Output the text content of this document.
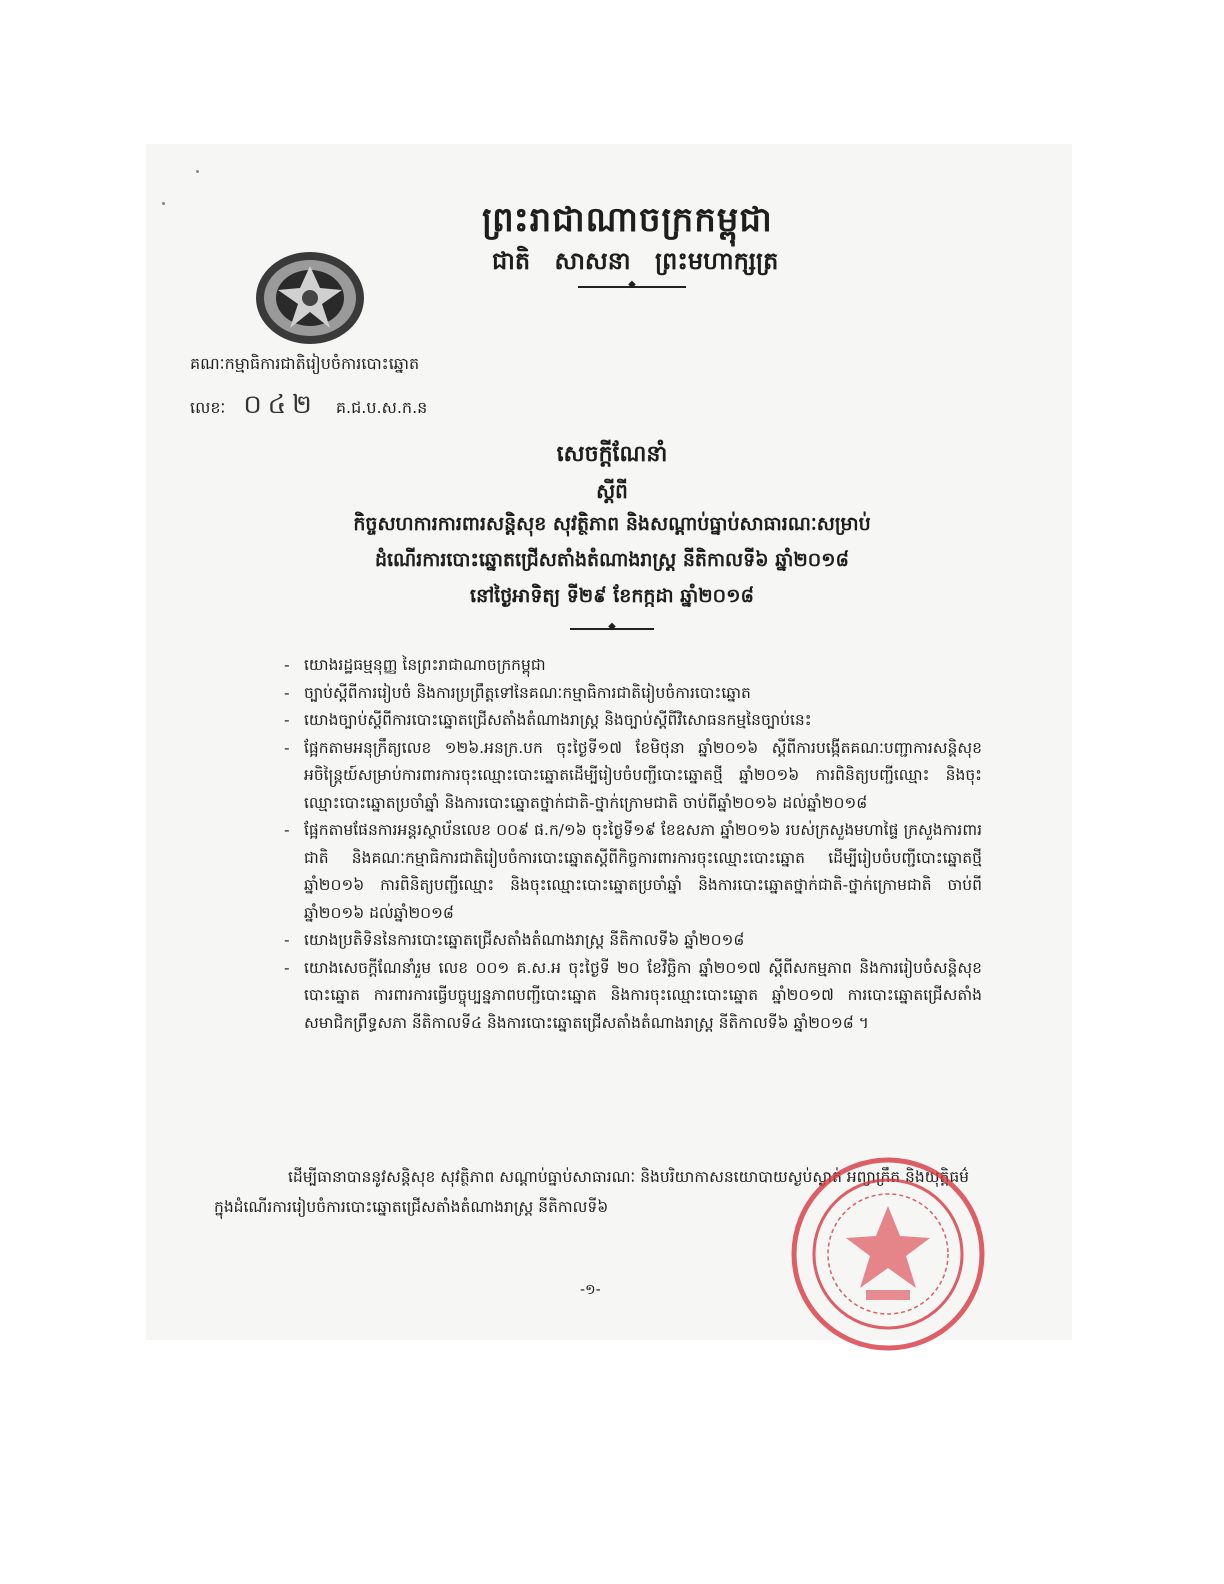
ព្រះរាជាណាចក្រកម្ពុជា
ជាតិ សាសនា ព្រះមហាក្សត្រ
◆
គណៈកម្មាធិការជាតិរៀបចំការបោះឆ្នោត
លេខៈ ០៤២ គ.ជ.ប.ស.ក.ន
សេចក្តីណែនាំ
ស្តីពី
កិច្ចសហការការពារសន្តិសុខ សុវត្ថិភាព និងសណ្តាប់ធ្នាប់សាធារណៈសម្រាប់
ដំណើរការបោះឆ្នោតជ្រើសតាំងតំណាងរាស្ត្រ នីតិកាលទី៦ ឆ្នាំ២០១៨
នៅថ្ងៃអាទិត្យ ទី២៩ ខែកក្កដា ឆ្នាំ២០១៨
◆
- យោងរដ្ឋធម្មនុញ្ញ នៃព្រះរាជាណាចក្រកម្ពុជា
- ច្បាប់ស្តីពីការរៀបចំ និងការប្រព្រឹត្តទៅនៃគណៈកម្មាធិការជាតិរៀបចំការបោះឆ្នោត
- យោងច្បាប់ស្តីពីការបោះឆ្នោតជ្រើសតាំងតំណាងរាស្ត្រ និងច្បាប់ស្តីពីវិសោធនកម្មនៃច្បាប់នេះ
- ផ្អែកតាមអនុក្រឹត្យលេខ ១២៦.អនក្រ.បក ចុះថ្ងៃទី១៧ ខែមិថុនា ឆ្នាំ២០១៦ ស្តីពីការបង្កើតគណៈបញ្ជាការសន្តិសុខអចិន្ត្រៃយ៍សម្រាប់ការពារការចុះឈ្មោះបោះឆ្នោតដើម្បីរៀបចំបញ្ជីបោះឆ្នោតថ្មី ឆ្នាំ២០១៦ ការពិនិត្យបញ្ជីឈ្មោះ និងចុះឈ្មោះបោះឆ្នោតប្រចាំឆ្នាំ និងការបោះឆ្នោតថ្នាក់ជាតិ-ថ្នាក់ក្រោមជាតិ ចាប់ពីឆ្នាំ២០១៦ ដល់ឆ្នាំ២០១៨
- ផ្អែកតាមផែនការអន្តរស្ថាប័នលេខ ០០៩ ផ.ក/១៦ ចុះថ្ងៃទី១៩ ខែឧសភា ឆ្នាំ២០១៦ របស់ក្រសួងមហាផ្ទៃ ក្រសួងការពារជាតិ និងគណៈកម្មាធិការជាតិរៀបចំការបោះឆ្នោតស្តីពីកិច្ចការពារការចុះឈ្មោះបោះឆ្នោត ដើម្បីរៀបចំបញ្ជីបោះឆ្នោតថ្មី ឆ្នាំ២០១៦ ការពិនិត្យបញ្ជីឈ្មោះ និងចុះឈ្មោះបោះឆ្នោតប្រចាំឆ្នាំ និងការបោះឆ្នោតថ្នាក់ជាតិ-ថ្នាក់ក្រោមជាតិ ចាប់ពីឆ្នាំ២០១៦ ដល់ឆ្នាំ២០១៨
- យោងប្រតិទិននៃការបោះឆ្នោតជ្រើសតាំងតំណាងរាស្ត្រ នីតិកាលទី៦ ឆ្នាំ២០១៨
- យោងសេចក្តីណែនាំរួម លេខ ០០១ គ.ស.អ ចុះថ្ងៃទី ២០ ខែវិច្ឆិកា ឆ្នាំ២០១៧ ស្តីពីសកម្មភាព និងការរៀបចំសន្តិសុខបោះឆ្នោត ការពារការធ្វើបច្ចុប្បន្នភាពបញ្ជីបោះឆ្នោត និងការចុះឈ្មោះបោះឆ្នោត ឆ្នាំ២០១៧ ការបោះឆ្នោតជ្រើសតាំងសមាជិកព្រឹទ្ធសភា នីតិកាលទី៤ និងការបោះឆ្នោតជ្រើសតាំងតំណាងរាស្ត្រ នីតិកាលទី៦ ឆ្នាំ២០១៨ ។
ដើម្បីធានាបាននូវសន្តិសុខ សុវត្ថិភាព សណ្តាប់ធ្នាប់សាធារណៈ និងបរិយាកាសនយោបាយស្ងប់ស្ងាត់ អព្យាក្រឹត និងយុត្តិធម៌ក្នុងដំណើរការរៀបចំការបោះឆ្នោតជ្រើសតាំងតំណាងរាស្ត្រ នីតិកាលទី៦
-១-
